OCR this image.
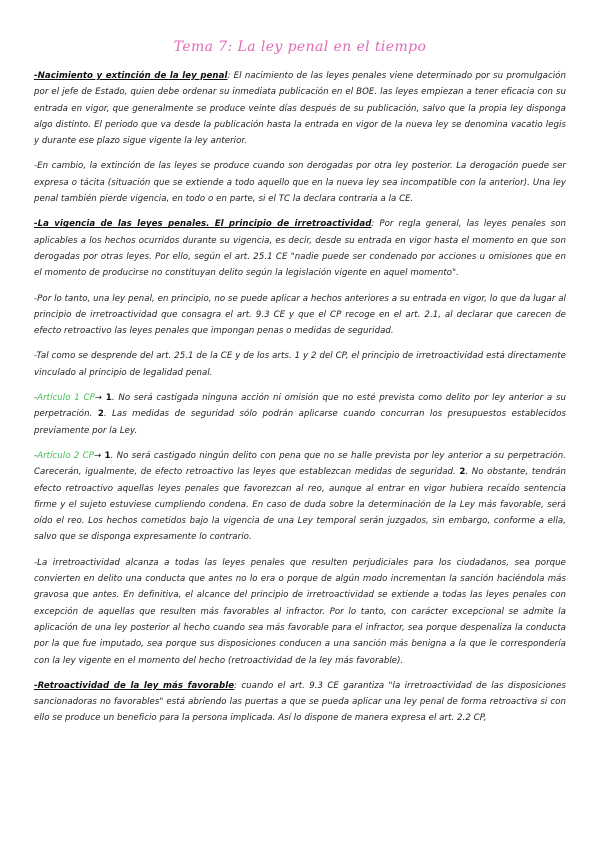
Tema 7: La ley penal en el tiempo

-Nacimiento y extinción de la ley penal: El nacimiento de las leyes penales viene determinado por su promulgación por el jefe de Estado, quien debe ordenar su inmediata publicación en el BOE. las leyes empiezan a tener eficacia con su entrada en vigor, que generalmente se produce veinte días después de su publicación, salvo que la propia ley disponga algo distinto. El periodo que va desde la publicación hasta la entrada en vigor de la nueva ley se denomina vacatio legis y durante ese plazo sigue vigente la ley anterior.

-En cambio, la extinción de las leyes se produce cuando son derogadas por otra ley posterior. La derogación puede ser expresa o tácita (situación que se extiende a todo aquello que en la nueva ley sea incompatible con la anterior). Una ley penal también pierde vigencia, en todo o en parte, si el TC la declara contraria a la CE.

-La vigencia de las leyes penales. El principio de irretroactividad: Por regla general, las leyes penales son aplicables a los hechos ocurridos durante su vigencia, es decir, desde su entrada en vigor hasta el momento en que son derogadas por otras leyes. Por ello, según el art. 25.1 CE "nadie puede ser condenado por acciones u omisiones que en el momento de producirse no constituyan delito según la legislación vigente en aquel momento".

-Por lo tanto, una ley penal, en principio, no se puede aplicar a hechos anteriores a su entrada en vigor, lo que da lugar al principio de irretroactividad que consagra el art. 9.3 CE y que el CP recoge en el art. 2.1, al declarar que carecen de efecto retroactivo las leyes penales que impongan penas o medidas de seguridad.

-Tal como se desprende del art. 25.1 de la CE y de los arts. 1 y 2 del CP, el principio de irretroactividad está directamente vinculado al principio de legalidad penal.

-Artículo 1 CP→ 1. No será castigada ninguna acción ni omisión que no esté prevista como delito por ley anterior a su perpetración. 2. Las medidas de seguridad sólo podrán aplicarse cuando concurran los presupuestos establecidos previamente por la Ley.

-Artículo 2 CP→ 1. No será castigado ningún delito con pena que no se halle prevista por ley anterior a su perpetración. Carecerán, igualmente, de efecto retroactivo las leyes que establezcan medidas de seguridad. 2. No obstante, tendrán efecto retroactivo aquellas leyes penales que favorezcan al reo, aunque al entrar en vigor hubiera recaído sentencia firme y el sujeto estuviese cumpliendo condena. En caso de duda sobre la determinación de la Ley más favorable, será oído el reo. Los hechos cometidos bajo la vigencia de una Ley temporal serán juzgados, sin embargo, conforme a ella, salvo que se disponga expresamente lo contrario.

-La irretroactividad alcanza a todas las leyes penales que resulten perjudiciales para los ciudadanos, sea porque convierten en delito una conducta que antes no lo era o porque de algún modo incrementan la sanción haciéndola más gravosa que antes. En definitiva, el alcance del principio de irretroactividad se extiende a todas las leyes penales con excepción de aquellas que resulten más favorables al infractor. Por lo tanto, con carácter excepcional se admite la aplicación de una ley posterior al hecho cuando sea más favorable para el infractor, sea porque despenaliza la conducta por la que fue imputado, sea porque sus disposiciones conducen a una sanción más benigna a la que le correspondería con la ley vigente en el momento del hecho (retroactividad de la ley más favorable).

-Retroactividad de la ley más favorable: cuando el art. 9.3 CE garantiza "la irretroactividad de las disposiciones sancionadoras no favorables" está abriendo las puertas a que se pueda aplicar una ley penal de forma retroactiva si con ello se produce un beneficio para la persona implicada. Así lo dispone de manera expresa el art. 2.2 CP,
